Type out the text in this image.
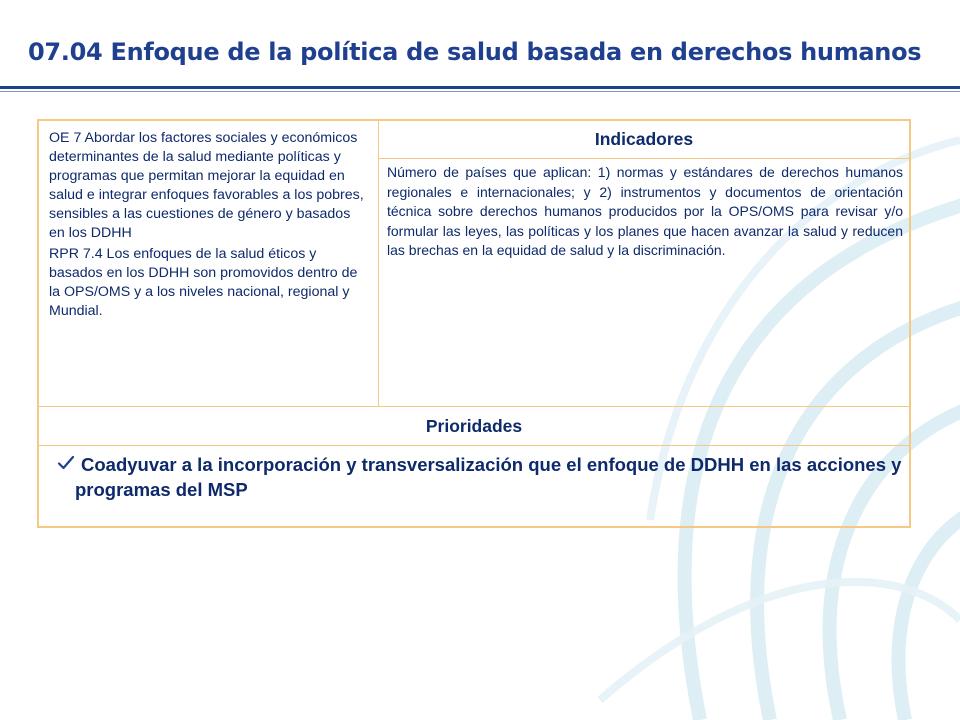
07.04 Enfoque de la política de salud basada en derechos humanos

OE 7 Abordar los factores sociales y económicos determinantes de la salud mediante políticas y programas que permitan mejorar la equidad en salud e integrar enfoques favorables a los pobres, sensibles a las cuestiones de género y basados en los DDHH

RPR 7.4 Los enfoques de la salud éticos y basados en los DDHH son promovidos dentro de la OPS/OMS y a los niveles nacional, regional y Mundial.

Indicadores
Número de países que aplican: 1) normas y estándares de derechos humanos regionales e internacionales; y 2) instrumentos y documentos de orientación técnica sobre derechos humanos producidos por la OPS/OMS para revisar y/o formular las leyes, las políticas y los planes que hacen avanzar la salud y reducen las brechas en la equidad de salud y la discriminación.
Prioridades
Coadyuvar a la incorporación y transversalización que el enfoque de DDHH en las acciones y programas del MSP
